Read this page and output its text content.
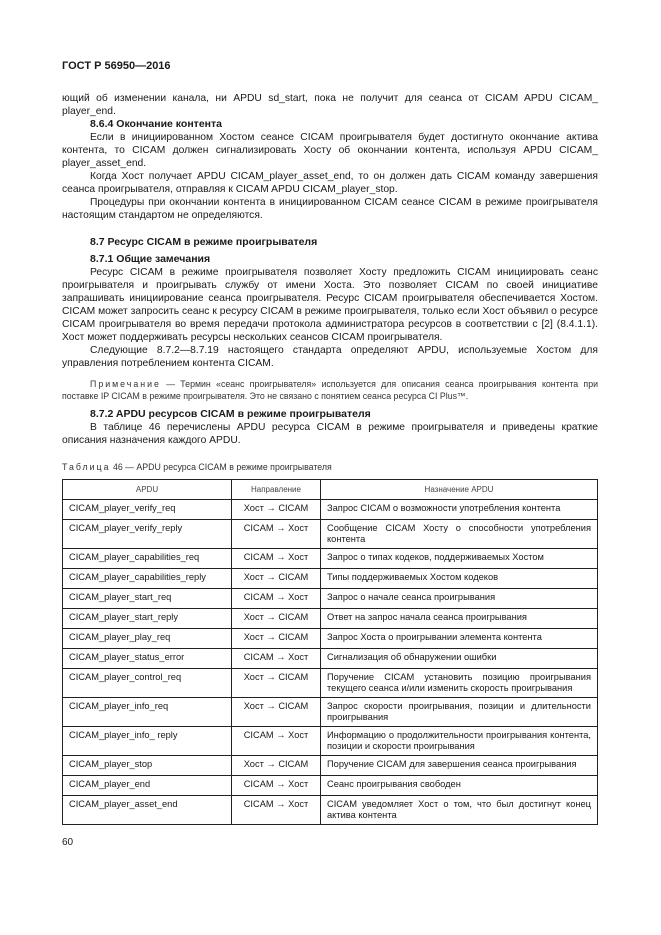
ГОСТ Р 56950—2016

ющий об изменении канала, ни APDU sd_start, пока не получит для сеанса от CICAM APDU CICAM_ player_end.

8.6.4 Окончание контента

Если в инициированном Хостом сеансе CICAM проигрывателя будет достигнуто окончание актива контента, то CICAM должен сигнализировать Хосту об окончании контента, используя APDU CICAM_ player_asset_end.

Когда Хост получает APDU CICAM_player_asset_end, то он должен дать CICAM команду завершения сеанса проигрывателя, отправляя к CICAM APDU CICAM_player_stop.

Процедуры при окончании контента в инициированном CICAM сеансе CICAM в режиме проигрывателя настоящим стандартом не определяются.

8.7 Ресурс CICAM в режиме проигрывателя
8.7.1 Общие замечания

Ресурс CICAM в режиме проигрывателя позволяет Хосту предложить CICAM инициировать сеанс проигрывателя и проигрывать службу от имени Хоста. Это позволяет CICAM по своей инициативе запрашивать инициирование сеанса проигрывателя. Ресурс CICAM проигрывателя обеспечивается Хостом. CICAM может запросить сеанс к ресурсу CICAM в режиме проигрывателя, только если Хост объявил о ресурсе CICAM проигрывателя во время передачи протокола администратора ресурсов в соответствии с [2] (8.4.1.1). Хост может поддерживать ресурсы нескольких сеансов CICAM проигрывателя.

Следующие 8.7.2—8.7.19 настоящего стандарта определяют APDU, используемые Хостом для управления потреблением контента CICAM.

Примечание — Термин «сеанс проигрывателя» используется для описания сеанса проигрывания контента при поставке IP CICAM в режиме проигрывателя. Это не связано с понятием сеанса ресурса CI Plus™.
8.7.2 APDU ресурсов CICAM в режиме проигрывателя

В таблице 46 перечислены APDU ресурса CICAM в режиме проигрывателя и приведены краткие описания назначения каждого APDU.

Таблица 46 — APDU ресурса CICAM в режиме проигрывателя
APDU	Направление	Назначение APDU
CICAM_player_verify_req	Хост → CICAM	Запрос CICAM о возможности употребления контента
CICAM_player_verify_reply	CICAM → Хост	Сообщение CICAM Хосту о способности употребления контента
CICAM_player_capabilities_req	CICAM → Хост	Запрос о типах кодеков, поддерживаемых Хостом
CICAM_player_capabilities_reply	Хост → CICAM	Типы поддерживаемых Хостом кодеков
CICAM_player_start_req	CICAM → Хост	Запрос о начале сеанса проигрывания
CICAM_player_start_reply	Хост → CICAM	Ответ на запрос начала сеанса проигрывания
CICAM_player_play_req	Хост → CICAM	Запрос Хоста о проигрывании элемента контента
CICAM_player_status_error	CICAM → Хост	Сигнализация об обнаружении ошибки
CICAM_player_control_req	Хост → CICAM	Поручение CICAM установить позицию проигрывания текущего сеанса и/или изменить скорость проигрывания
CICAM_player_info_req	Хост → CICAM	Запрос скорости проигрывания, позиции и длительности проигрывания
CICAM_player_info_ reply	CICAM → Хост	Информацию о продолжительности проигрывания контента, позиции и скорости проигрывания
CICAM_player_stop	Хост → CICAM	Поручение CICAM для завершения сеанса проигрывания
CICAM_player_end	CICAM → Хост	Сеанс проигрывания свободен
CICAM_player_asset_end	CICAM → Хост	CICAM уведомляет Хост о том, что был достигнут конец актива контента
60
